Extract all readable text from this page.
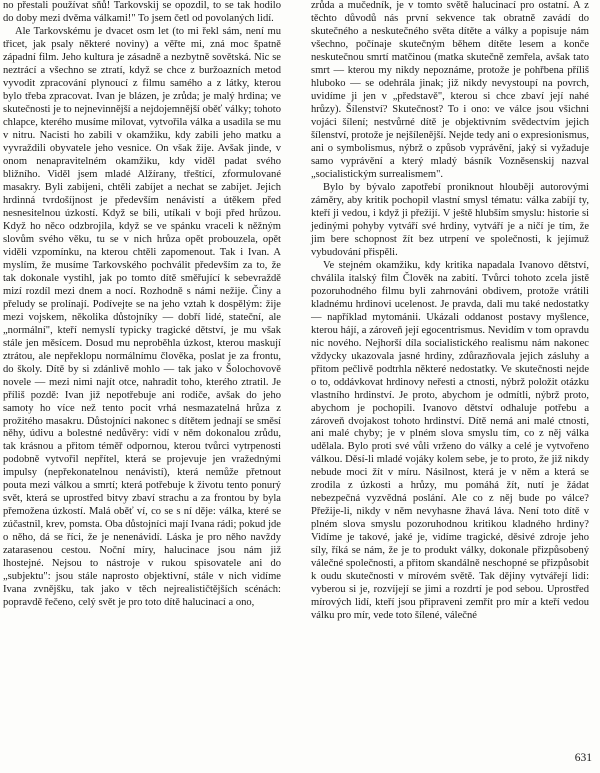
no přestali používat sňů! Tarkovskij se opozdil, to se tak hodilo do doby mezi dvěma válkami!" To jsem četl od povolaných lidí.

Ale Tarkovskému je dvacet osm let (to mi řekl sám, není mu třicet, jak psaly některé noviny) a věřte mi, zná moc špatně západní film. Jeho kultura je zásadně a nezbytně sovětská. Nic se neztrácí a všechno se ztratí, když se chce z buržoazních metod vyvodit zpracování plynoucí z filmu samého a z látky, kterou bylo třeba zpracovat. Ivan je blázen, je zrůda; je malý hrdina; ve skutečnosti je to nejnevinnější a nejdojemnější oběť války; tohoto chlapce, kterého musíme milovat, vytvořila válka a usadila se mu v nitru. Nacisti ho zabili v okamžiku, kdy zabili jeho matku a vyvraždili obyvatele jeho vesnice. On však žije. Avšak jinde, v onom nenapravitelném okamžiku, kdy viděl padat svého bližního. Viděl jsem mladé Alžírany, třeštící, zformulované masakry. Byli zabijeni, chtěli zabíjet a nechat se zabíjet. Jejich hrdinná tvrdošíjnost je především nenávistí a útěkem před nesnesitelnou úzkostí. Když se bili, utíkali v boji před hrůzou. Když ho něco odzbrojila, když se ve spánku vraceli k něžným slovům svého věku, tu se v nich hrůza opět probouzela, opět viděli vzpomínku, na kterou chtěli zapomenout. Tak i Ivan. A myslím, že musíme Tarkovského pochválit především za to, že tak dokonale vystihl, jak po tomto dítě směřující k sebevraždě mizí rozdíl mezi dnem a nocí. Rozhodně s námi nežije. Činy a přeludy se prolínají. Podívejte se na jeho vztah k dospělým: žije mezi vojskem, několika důstojníky — dobří lidé, stateční, ale „normální", kteří nemyslí typicky tragické dětství, je mu však stále jen měsícem. Dosud mu neproběhla úzkost, kterou maskují ztrátou, ale nepřeklopu normálnímu člověka, poslat je za frontu, do školy. Dítě by si zdánlivě mohlo — tak jako v Šolochovově novele — mezi nimi najít otce, nahradit toho, kterého ztratil. Je příliš pozdě: Ivan již nepotřebuje ani rodiče, avšak do jeho samoty ho více než tento pocit vrhá nesmazatelná hrůza z prožitého masakru. Důstojníci nakonec s dítětem jednají se směsí něhy, údivu a bolestné nedůvěry: vidí v něm dokonalou zrůdu, tak krásnou a přitom téměř odpornou, kterou tvůrci vytrpenosti podobně vytvořil nepřítel, která se projevuje jen vražednými impulsy (nepřekonatelnou nenávistí), která nemůže přetnout pouta mezi válkou a smrtí; která potřebuje k životu tento ponurý svět, která se uprostřed bitvy zbaví strachu a za frontou by byla přemožena úzkostí. Malá oběť ví, co se s ní děje: válka, které se zúčastnil, krev, pomsta. Oba důstojníci mají Ivana rádi; pokud jde o něho, dá se říci, že je nenenávidí. Láska je pro něho navždy zatarasenou cestou. Noční míry, halucinace jsou nám již lhostejné. Nejsou to nástroje v rukou spisovatele ani do „subjektu": jsou stále naprosto objektivní, stále v nich vidíme Ivana zvnějšku, tak jako v těch nejrealističtějších scénách: popravdě řečeno, celý svět je pro toto dítě halucinací a ono,

zrůda a mučedník, je v tomto světě halucinací pro ostatní. A z těchto důvodů nás první sekvence tak obratně zavádí do skutečného a neskutečného světa dítěte a války a popisuje nám všechno, počínaje skutečným během dítěte lesem a konče neskutečnou smrtí matčinou (matka skutečně zemřela, avšak tato smrt — kterou my nikdy nepoznáme, protože je pohřbena příliš hluboko — se odehrála jinak; již nikdy nevystoupí na povrch, uvidíme ji jen v „představě", kterou si chce zbaví její nahé hrůzy). Šílenství? Skutečnost? To i ono: ve válce jsou všichni vojáci šílení; nestvůrné dítě je objektivním svědectvím jejich šílenství, protože je nejšílenější. Nejde tedy ani o expresionismus, ani o symbolismus, nýbrž o způsob vyprávění, jaký si vyžaduje samo vyprávění a který mladý básník Vozněsenskij nazval „socialistickým surrealismem".

Bylo by bývalo zapotřebí proniknout hlouběji autorovými záměry, aby kritik pochopil vlastní smysl tématu: válka zabíjí ty, kteří ji vedou, i když ji přežijí. V ještě hlubším smyslu: historie si jedinými pohyby vytváří své hrdiny, vytváří je a ničí je tím, že jim bere schopnost žít bez utrpení ve společnosti, k jejímuž vybudování přispěli.

Ve stejném okamžiku, kdy kritika napadala Ivanovo dětství, chválila italský film Člověk na zabití. Tvůrci tohoto zcela jistě pozoruhodného filmu byli zahrnováni obdivem, protože vrátili kladnému hrdinovi ucelenost. Je pravda, dali mu také nedostatky — například mytománii. Ukázali oddanost postavy myšlence, kterou hájí, a zároveň její egocentrismus. Nevidím v tom opravdu nic nového. Nejhorší díla socialistického realismu nám nakonec vždycky ukazovala jasné hrdiny, zdůrazňovala jejich zásluhy a přitom pečlivě podtrhla některé nedostatky. Ve skutečnosti nejde o to, oddávkovat hrdinovy neřesti a ctnosti, nýbrž položit otázku vlastního hrdinství. Je proto, abychom je odmítli, nýbrž proto, abychom je pochopili. Ivanovo dětství odhaluje potřebu a zároveň dvojakost tohoto hrdinství. Dítě nemá ani malé ctnosti, ani malé chyby; je v plném slova smyslu tím, co z něj válka udělala. Bylo proti své vůli vrženo do války a celé je vytvořeno válkou. Děsí-li mladé vojáky kolem sebe, je to proto, že již nikdy nebude moci žít v míru. Násilnost, která je v něm a která se zrodila z úzkosti a hrůzy, mu pomáhá žít, nutí je žádat nebezpečná vyzvědná poslání. Ale co z něj bude po válce? Přežije-li, nikdy v něm nevyhasne žhavá láva. Není toto dítě v plném slova smyslu pozoruhodnou kritikou kladného hrdiny? Vidíme je takové, jaké je, vidíme tragické, děsivé zdroje jeho síly, říká se nám, že je to produkt války, dokonale přizpůsobený válečné společnosti, a přitom skandálně neschopné se přizpůsobit k oudu skutečnosti v mírovém světě. Tak dějiny vytvářejí lidi: vyberou si je, rozvíjejí se jimi a rozdrtí je pod sebou. Uprostřed mírových lidí, kteří jsou připraveni zemřít pro mír a kteří vedou válku pro mír, vede toto šílené, válečné

631
